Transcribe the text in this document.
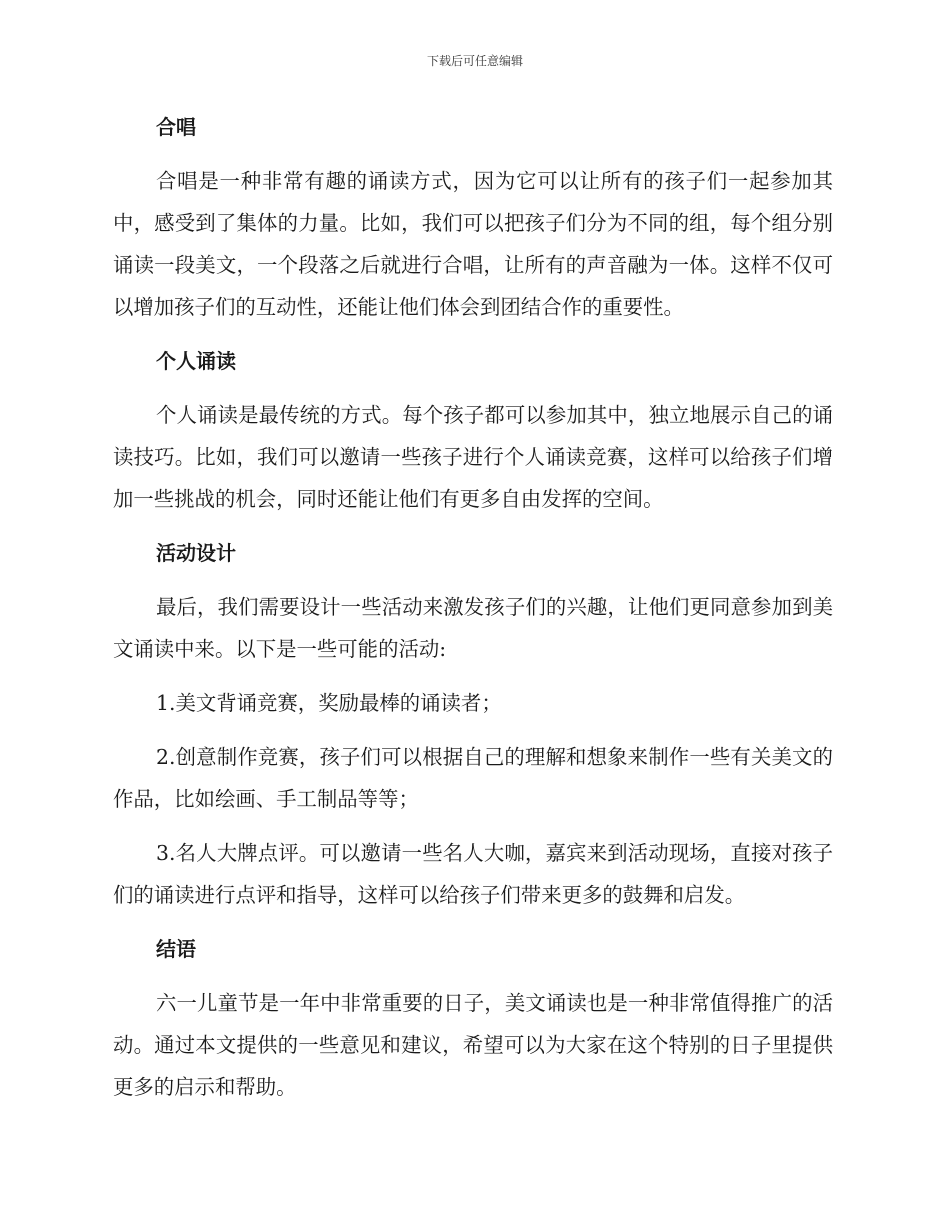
下载后可任意编辑
合唱

合唱是一种非常有趣的诵读方式，因为它可以让所有的孩子们一起参加其中，感受到了集体的力量。比如，我们可以把孩子们分为不同的组，每个组分别诵读一段美文，一个段落之后就进行合唱，让所有的声音融为一体。这样不仅可以增加孩子们的互动性，还能让他们体会到团结合作的重要性。

个人诵读

个人诵读是最传统的方式。每个孩子都可以参加其中，独立地展示自己的诵读技巧。比如，我们可以邀请一些孩子进行个人诵读竞赛，这样可以给孩子们增加一些挑战的机会，同时还能让他们有更多自由发挥的空间。

活动设计

最后，我们需要设计一些活动来激发孩子们的兴趣，让他们更同意参加到美文诵读中来。以下是一些可能的活动:

1.美文背诵竞赛，奖励最棒的诵读者；

2.创意制作竞赛，孩子们可以根据自己的理解和想象来制作一些有关美文的作品，比如绘画、手工制品等等；

3.名人大牌点评。可以邀请一些名人大咖，嘉宾来到活动现场，直接对孩子们的诵读进行点评和指导，这样可以给孩子们带来更多的鼓舞和启发。

结语

六一儿童节是一年中非常重要的日子，美文诵读也是一种非常值得推广的活动。通过本文提供的一些意见和建议，希望可以为大家在这个特别的日子里提供更多的启示和帮助。
